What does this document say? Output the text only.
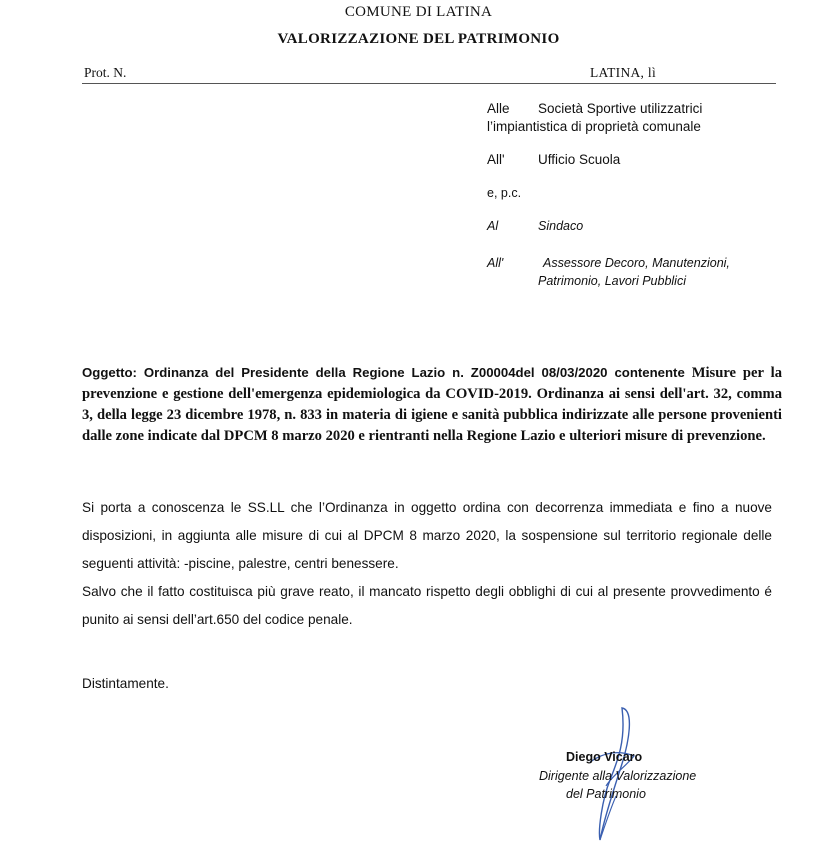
COMUNE DI LATINA
VALORIZZAZIONE DEL PATRIMONIO
Prot. N.	LATINA, lì
Alle Società Sportive utilizzatrici
l’impiantistica di proprietà comunale
All' Ufficio Scuola
e, p.c.
Al	Sindaco
All'	Assessore Decoro, Manutenzioni,
Patrimonio, Lavori Pubblici
Oggetto: Ordinanza del Presidente della Regione Lazio n. Z00004del 08/03/2020 contenente Misure per la prevenzione e gestione dell'emergenza epidemiologica da COVID-2019. Ordinanza ai sensi dell'art. 32, comma 3, della legge 23 dicembre 1978, n. 833 in materia di igiene e sanità pubblica indirizzate alle persone provenienti dalle zone indicate dal DPCM 8 marzo 2020 e rientranti nella Regione Lazio e ulteriori misure di prevenzione.

Si porta a conoscenza le SS.LL che l’Ordinanza in oggetto ordina con decorrenza immediata e fino a nuove disposizioni, in aggiunta alle misure di cui al DPCM 8 marzo 2020, la sospensione sul territorio regionale delle seguenti attività: -piscine, palestre, centri benessere.

Salvo che il fatto costituisca più grave reato, il mancato rispetto degli obblighi di cui al presente provvedimento é punito ai sensi dell’art.650 del codice penale.

Distintamente.
Diego Vicaro
Dirigente alla Valorizzazione
del Patrimonio
